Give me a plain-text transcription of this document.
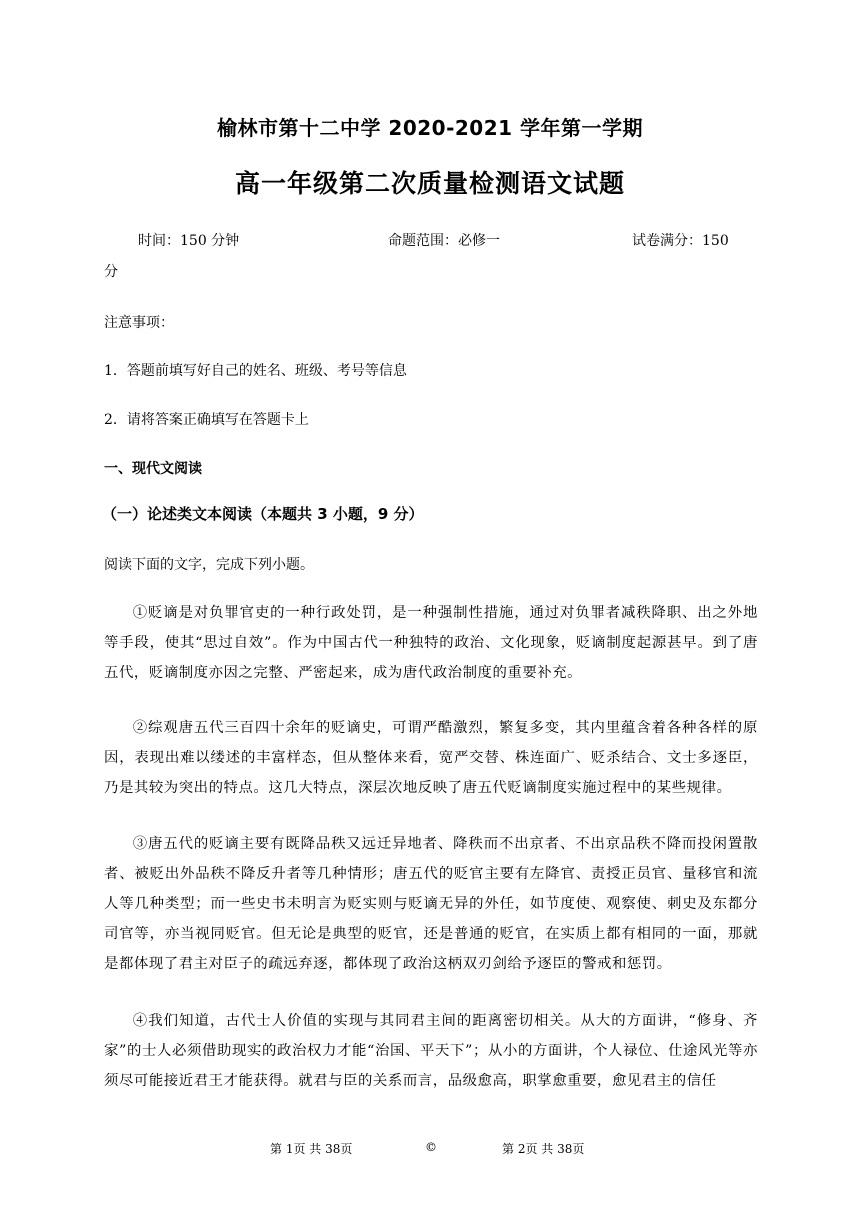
榆林市第十二中学 2020-2021 学年第一学期
高一年级第二次质量检测语文试题
时间：150 分钟	命题范围：必修一	试卷满分：150
分
注意事项：
1．答题前填写好自己的姓名、班级、考号等信息
2．请将答案正确填写在答题卡上
一、现代文阅读
（一）论述类文本阅读（本题共 3 小题，9 分）
阅读下面的文字，完成下列小题。
①贬谪是对负罪官吏的一种行政处罚，是一种强制性措施，通过对负罪者减秩降职、出之外地等手段，使其“思过自效”。作为中国古代一种独特的政治、文化现象，贬谪制度起源甚早。到了唐五代，贬谪制度亦因之完整、严密起来，成为唐代政治制度的重要补充。
②综观唐五代三百四十余年的贬谪史，可谓严酷激烈，繁复多变，其内里蕴含着各种各样的原因，表现出难以缕述的丰富样态，但从整体来看，宽严交替、株连面广、贬杀结合、文士多逐臣，乃是其较为突出的特点。这几大特点，深层次地反映了唐五代贬谪制度实施过程中的某些规律。
③唐五代的贬谪主要有既降品秩又远迁异地者、降秩而不出京者、不出京品秩不降而投闲置散者、被贬出外品秩不降反升者等几种情形；唐五代的贬官主要有左降官、责授正员官、量移官和流人等几种类型；而一些史书未明言为贬实则与贬谪无异的外任，如节度使、观察使、刺史及东都分司官等，亦当视同贬官。但无论是典型的贬官，还是普通的贬官，在实质上都有相同的一面，那就是都体现了君主对臣子的疏远弃逐，都体现了政治这柄双刃剑给予逐臣的警戒和惩罚。
④我们知道，古代士人价值的实现与其同君主间的距离密切相关。从大的方面讲，“修身、齐家”的士人必须借助现实的政治权力才能“治国、平天下”；从小的方面讲，个人禄位、仕途风光等亦须尽可能接近君王才能获得。就君与臣的关系而言，品级愈高，职掌愈重要，愈见君主的信任
第 1页 共 38页	©	第 2页 共 38页
